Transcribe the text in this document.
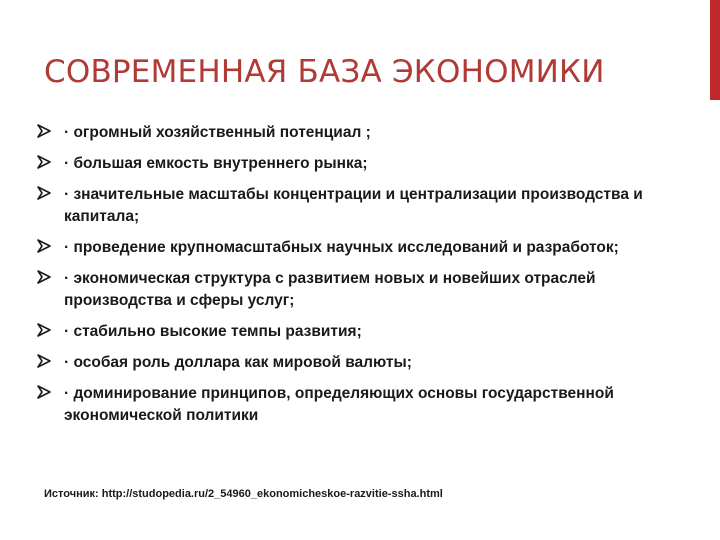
СОВРЕМЕННАЯ БАЗА ЭКОНОМИКИ
· огромный хозяйственный потенциал ;
· большая емкость внутреннего рынка;
· значительные масштабы концентрации и централизации производства и капитала;
· проведение крупномасштабных научных исследований и разработок;
· экономическая структура с развитием новых и новейших отраслей производства и сферы услуг;
· стабильно высокие темпы развития;
· особая роль доллара как мировой валюты;
· доминирование принципов, определяющих основы государственной экономической политики
Источник: http://studopedia.ru/2_54960_ekonomicheskoe-razvitie-ssha.html
